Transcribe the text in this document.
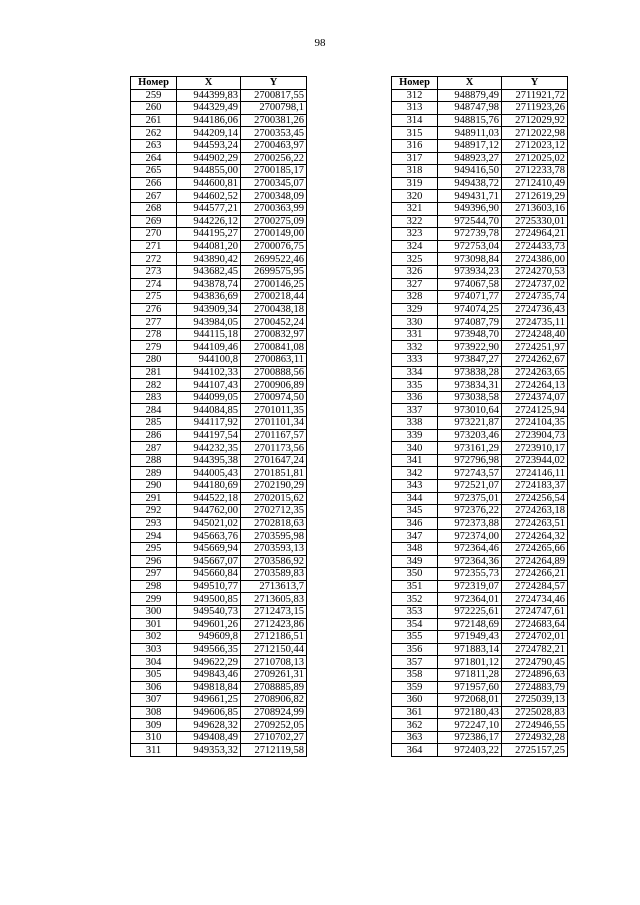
98
Номер	X	Y
259	944399,83	2700817,55
260	944329,49	2700798,1
261	944186,06	2700381,26
262	944209,14	2700353,45
263	944593,24	2700463,97
264	944902,29	2700256,22
265	944855,00	2700185,17
266	944600,81	2700345,07
267	944602,52	2700348,09
268	944577,21	2700363,99
269	944226,12	2700275,09
270	944195,27	2700149,00
271	944081,20	2700076,75
272	943890,42	2699522,46
273	943682,45	2699575,95
274	943878,74	2700146,25
275	943836,69	2700218,44
276	943909,34	2700438,18
277	943984,05	2700452,24
278	944115,18	2700832,97
279	944109,46	2700841,08
280	944100,8	2700863,11
281	944102,33	2700888,56
282	944107,43	2700906,89
283	944099,05	2700974,50
284	944084,85	2701011,35
285	944117,92	2701101,34
286	944197,54	2701167,57
287	944232,35	2701173,56
288	944395,38	2701647,24
289	944005,43	2701851,81
290	944180,69	2702190,29
291	944522,18	2702015,62
292	944762,00	2702712,35
293	945021,02	2702818,63
294	945663,76	2703595,98
295	945669,94	2703593,13
296	945667,07	2703586,92
297	945660,84	2703589,83
298	949510,77	2713613,7
299	949500,85	2713605,83
300	949540,73	2712473,15
301	949601,26	2712423,86
302	949609,8	2712186,51
303	949566,35	2712150,44
304	949622,29	2710708,13
305	949843,46	2709261,31
306	949818,84	2708885,89
307	949661,25	2708906,82
308	949606,85	2708924,99
309	949628,32	2709252,05
310	949408,49	2710702,27
311	949353,32	2712119,58
Номер	X	Y
312	948879,49	2711921,72
313	948747,98	2711923,26
314	948815,76	2712029,92
315	948911,03	2712022,98
316	948917,12	2712023,12
317	948923,27	2712025,02
318	949416,50	2712233,78
319	949438,72	2712410,49
320	949431,71	2712619,29
321	949396,90	2713603,16
322	972544,70	2725330,01
323	972739,78	2724964,21
324	972753,04	2724433,73
325	973098,84	2724386,00
326	973934,23	2724270,53
327	974067,58	2724737,02
328	974071,77	2724735,74
329	974074,25	2724736,43
330	974087,79	2724735,11
331	973948,70	2724248,40
332	973922,90	2724251,97
333	973847,27	2724262,67
334	973838,28	2724263,65
335	973834,31	2724264,13
336	973038,58	2724374,07
337	973010,64	2724125,94
338	973221,87	2724104,35
339	973203,46	2723904,73
340	973161,29	2723910,17
341	972796,98	2723944,02
342	972743,57	2724146,11
343	972521,07	2724183,37
344	972375,01	2724256,54
345	972376,22	2724263,18
346	972373,88	2724263,51
347	972374,00	2724264,32
348	972364,46	2724265,66
349	972364,36	2724264,89
350	972355,73	2724266,21
351	972319,07	2724284,57
352	972364,01	2724734,46
353	972225,61	2724747,61
354	972148,69	2724683,64
355	971949,43	2724702,01
356	971883,14	2724782,21
357	971801,12	2724790,45
358	971811,28	2724896,63
359	971957,60	2724883,79
360	972068,01	2725039,13
361	972180,43	2725028,83
362	972247,10	2724946,55
363	972386,17	2724932,28
364	972403,22	2725157,25
